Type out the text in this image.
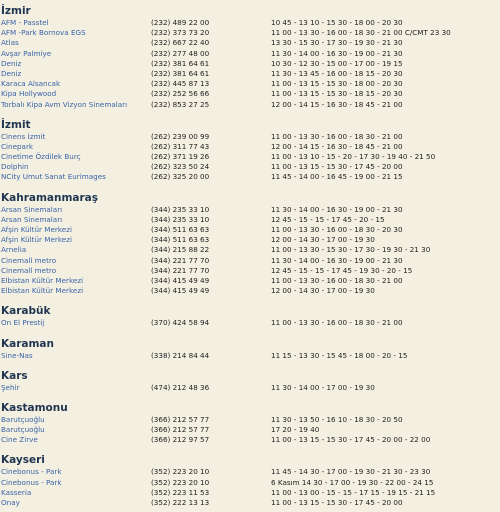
İzmir
AFM - Passtel	(232) 489 22 00	10 45 - 13 10 - 15 30 - 18 00 - 20 30
AFM -Park Bornova EGS	(232) 373 73 20	11 00 - 13 30 - 16 00 - 18 30 - 21 00 C/CMT 23 30
Atlas	(232) 667 22 40	13 30 - 15 30 - 17 30 - 19 30 - 21 30
Avşar Palmiye	(232) 277 48 00	11 30 - 14 00 - 16 30 - 19 00 - 21 30
Deniz	(232) 381 64 61	10 30 - 12 30 - 15 00 - 17 00 - 19 15
Deniz	(232) 381 64 61	11 30 - 13 45 - 16 00 - 18 15 - 20 30
Karaca Alsancak	(232) 445 87 13	11 00 - 13 15 - 15 30 - 18 00 - 20 30
Kipa Hollywood	(232) 252 56 66	11 00 - 13 15 - 15 30 - 18 15 - 20 30
Torbalı Kipa Avm Vizyon Sinemaları	(232) 853 27 25	12 00 - 14 15 - 16 30 - 18 45 - 21 00
İzmit
Cinens İzmit	(262) 239 00 99	11 00 - 13 30 - 16 00 - 18 30 - 21 00
Cinepark	(262) 311 77 43	12 00 - 14 15 - 16 30 - 18 45 - 21 00
Cinetime Özdilek Burç	(262) 371 19 26	11 00 - 13 10 - 15 - 20 - 17 30 - 19 40 - 21 50
Dolphin	(262) 323 50 24	11 00 - 13 15 - 15 30 - 17 45 - 20 00
NCity Umut Sanat Eurimages	(262) 325 20 00	11 45 - 14 00 - 16 45 - 19 00 - 21 15
Kahramanmaraş
Arsan Sinemaları	(344) 235 33 10	11 30 - 14 00 - 16 30 - 19 00 - 21 30
Arsan Sinemaları	(344) 235 33 10	12 45 - 15 - 15 - 17 45 - 20 - 15
Afşin Kültür Merkezi	(344) 511 63 63	11 00 - 13 30 - 16 00 - 18 30 - 20 30
Afşin Kültür Merkezi	(344) 511 63 63	12 00 - 14 30 - 17 00 - 19 30
Arnelia	(344) 215 88 22	11 00 - 13 30 - 15 30 - 17 30 - 19 30 - 21 30
Cinemall metro	(344) 221 77 70	11 30 - 14 00 - 16 30 - 19 00 - 21 30
Cinemall metro	(344) 221 77 70	12 45 - 15 - 15 - 17 45 - 19 30 - 20 - 15
Elbistan Kültür Merkezi	(344) 415 49 49	11 00 - 13 30 - 16 00 - 18 30 - 21 00
Elbistan Kültür Merkezi	(344) 415 49 49	12 00 - 14 30 - 17 00 - 19 30
Karabük
On El Prestij	(370) 424 58 94	11 00 - 13 30 - 16 00 - 18 30 - 21 00
Karaman
Sine-Nas	(338) 214 84 44	11 15 - 13 30 - 15 45 - 18 00 - 20 - 15
Kars
Şehir	(474) 212 48 36	11 30 - 14 00 - 17 00 - 19 30
Kastamonu
Barutçuoğlu	(366) 212 57 77	11 30 - 13 50 - 16 10 - 18 30 - 20 50
Barutçuoğlu	(366) 212 57 77	17 20 - 19 40
Cine Zirve	(366) 212 97 57	11 00 - 13 15 - 15 30 - 17 45 - 20 00 - 22 00
Kayseri
Cinebonus - Park	(352) 223 20 10	11 45 - 14 30 - 17 00 - 19 30 - 21 30 - 23 30
Cinebonus - Park	(352) 223 20 10	6 Kasım 14 30 - 17 00 - 19 30 - 22 00 - 24 15
Kasseria	(352) 223 11 53	11 00 - 13 00 - 15 - 15 - 17 15 - 19 15 - 21 15
Onay	(352) 222 13 13	11 00 - 13 15 - 15 30 - 17 45 - 20 00
